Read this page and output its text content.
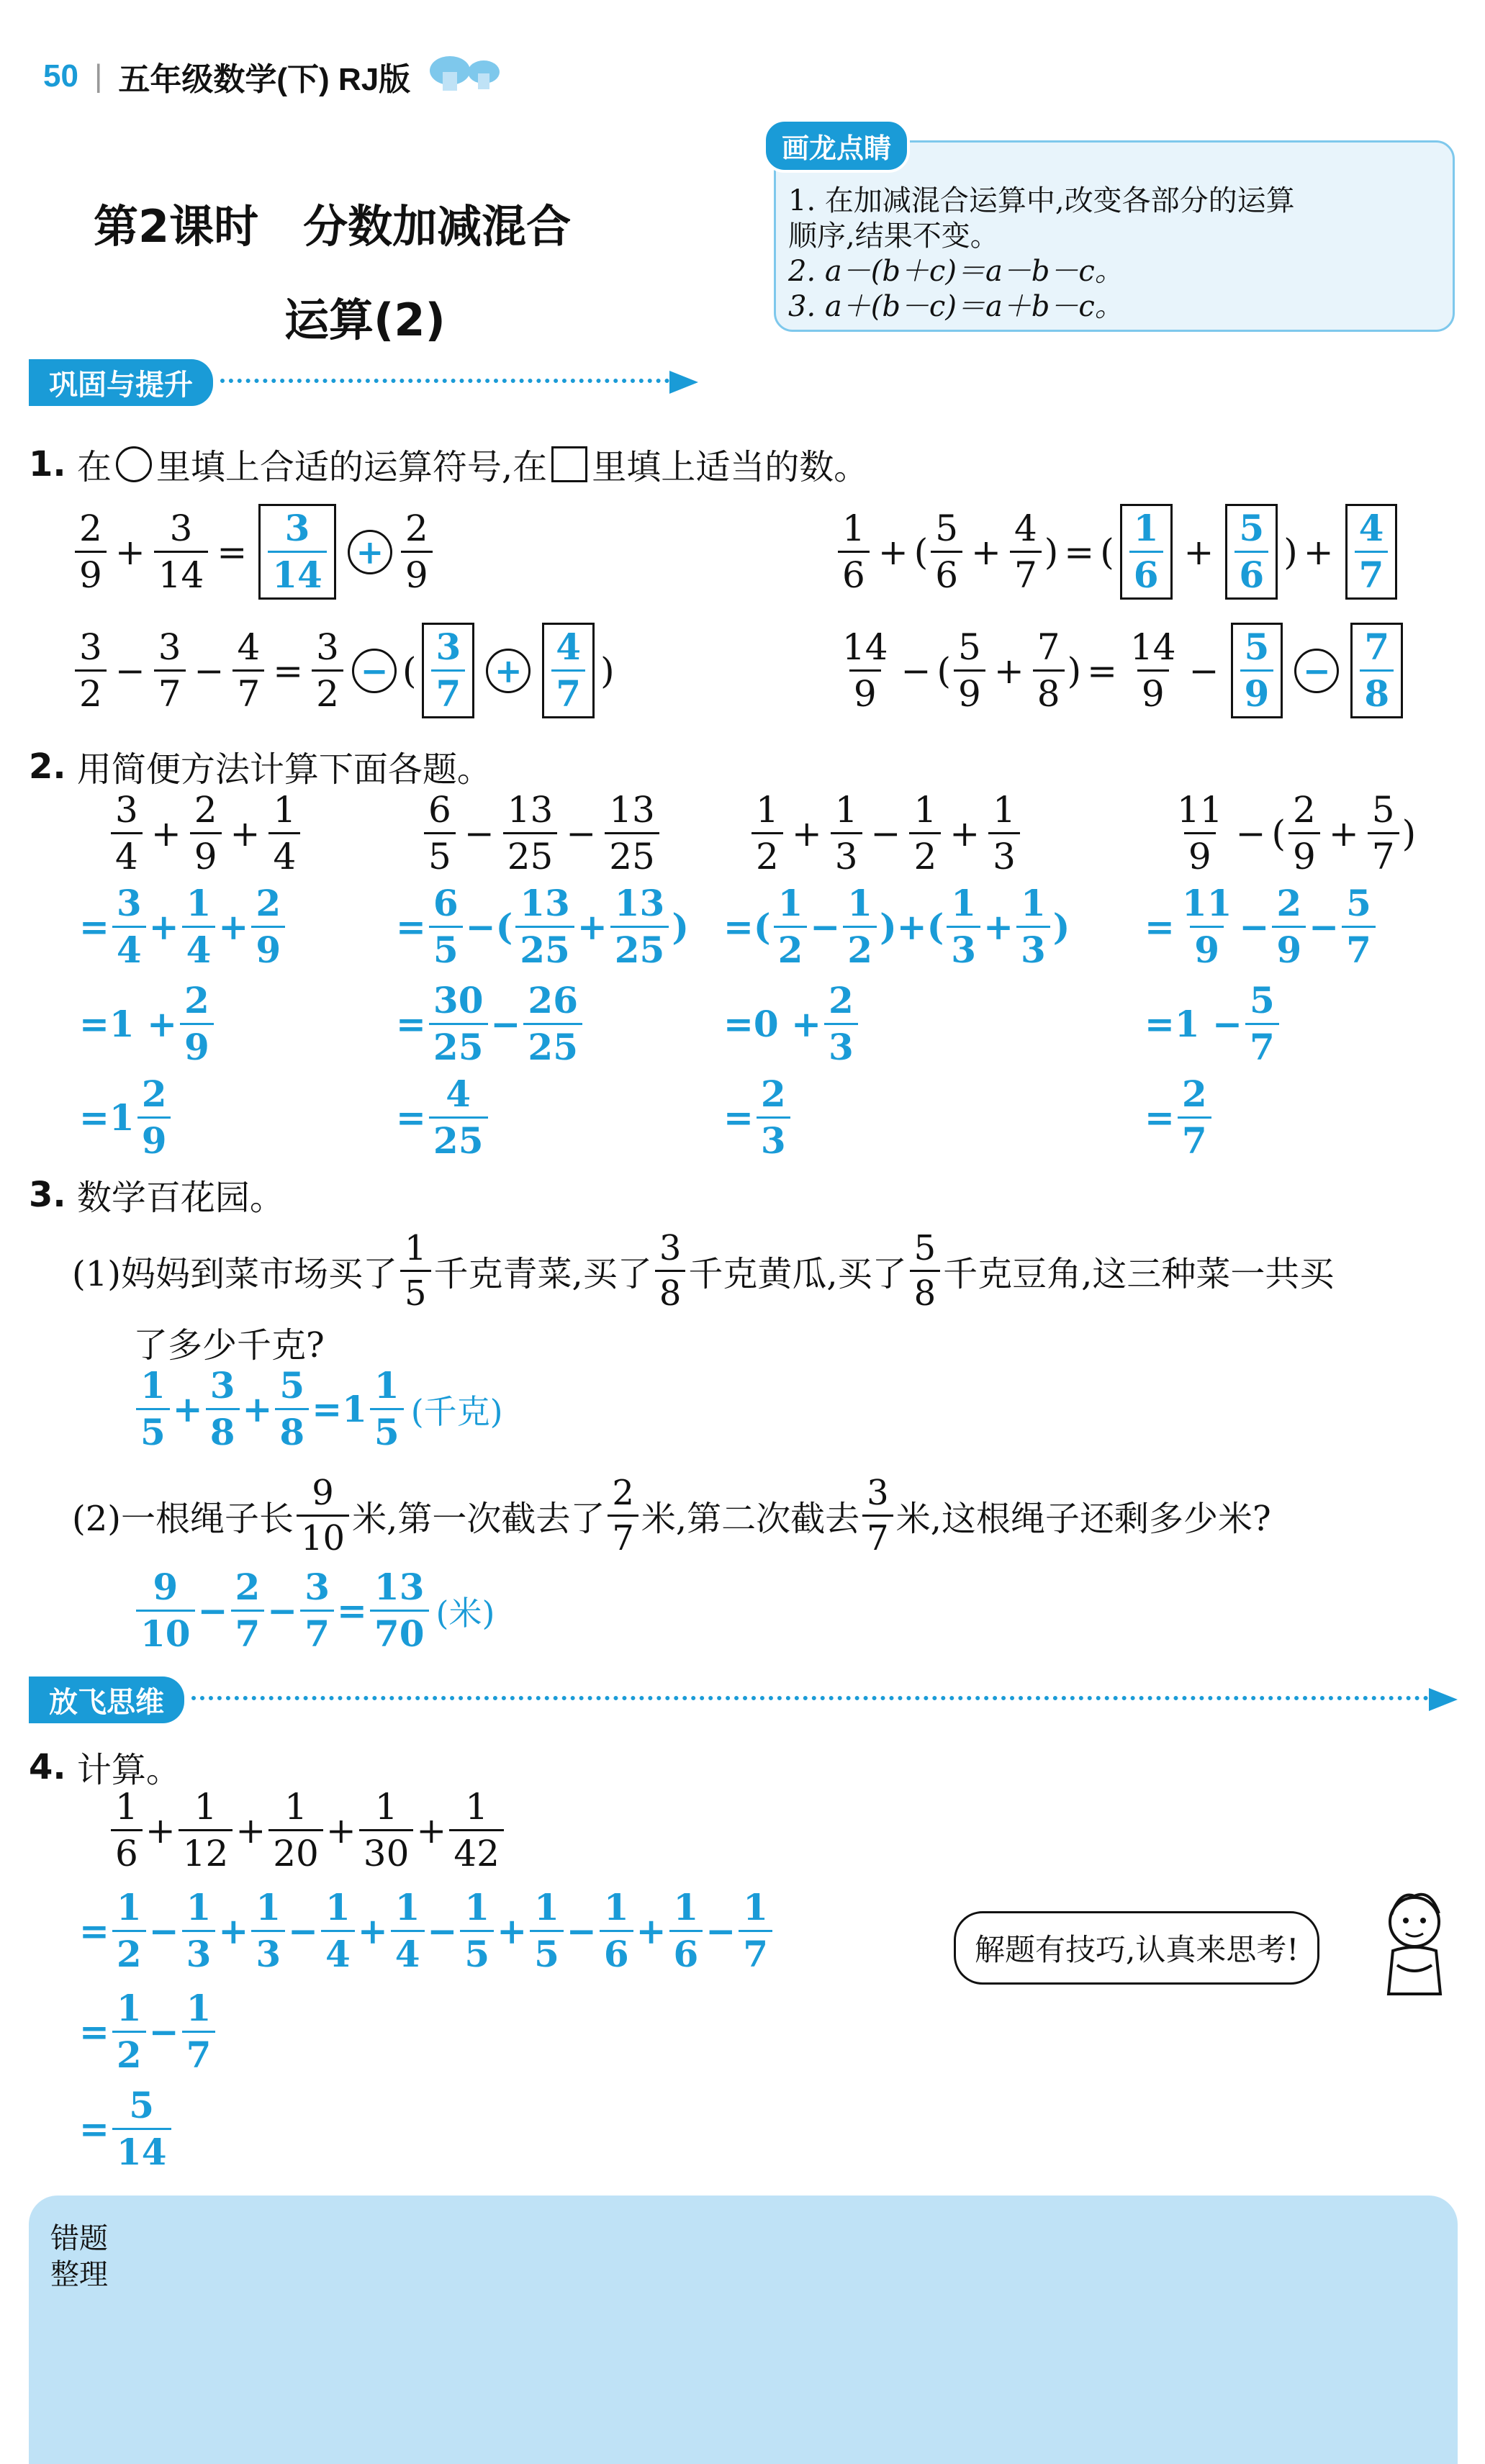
50 | 五年级数学(下) RJ版
第2课时　分数加减混合
运算(2)
画龙点睛
1. 在加减混合运算中,改变各部分的运算
顺序,结果不变。
2. a－(b＋c)＝a－b－c。
3. a＋(b－c)＝a＋b－c。
巩固与提升
1.
在 里填上合适的运算符号,在 里填上适当的数。
$\frac{2}{9} + \frac{3}{14} = \frac{3}{14} + \frac{2}{9}$	$\frac{1}{6}$ + ( $\frac{5}{6} + \frac{4}{7}$ ) = ( $\frac{1}{6} + \frac{5}{6}$ ) + $\frac{4}{7}$
$\frac{3}{2} - \frac{3}{7} - \frac{4}{7} = \frac{3}{2}$ − ( $\frac{3}{7} + \frac{4}{7}$ )	$\frac{14}{9}$ − ( $\frac{5}{9} + \frac{7}{8}$ ) = $\frac{14}{9} - \frac{5}{9} - \frac{7}{8}$
2.
用简便方法计算下面各题。
$\frac{3}{4} + \frac{2}{9} + \frac{1}{4}$
= $\frac{3}{4} + \frac{1}{4} + \frac{2}{9}$
$=1 + \frac{2}{9}$
$=1 \frac{2}{9}$
$\frac{6}{5} - \frac{13}{25} - \frac{13}{25}$
= $\frac{6}{5}$ −( $\frac{13}{25} + \frac{13}{25}$ )
= $\frac{30}{25} - \frac{26}{25}$
= $\frac{4}{25}$
$\frac{1}{2} + \frac{1}{3} - \frac{1}{2} + \frac{1}{3}$
=( $\frac{1}{2} - \frac{1}{2}$ )+( $\frac{1}{3} + \frac{1}{3}$ )
$=0 + \frac{2}{3}$
= $\frac{2}{3}$
$\frac{11}{9}$ − ( $\frac{2}{9} + \frac{5}{7}$ )
= $\frac{11}{9} - \frac{2}{9} - \frac{5}{7}$
$=1 - \frac{5}{7}$
= $\frac{2}{7}$
3.
数学百花园。
(1)妈妈到菜市场买了 $\frac{1}{5}$ 千克青菜,买了 $\frac{3}{8}$ 千克黄瓜,买了 $\frac{5}{8}$ 千克豆角,这三种菜一共买
了多少千克?
$\frac{1}{5} + \frac{3}{8} + \frac{5}{8} =1 \frac{1}{5}$ (千克)
(2)一根绳子长 $\frac{9}{10}$ 米,第一次截去了 $\frac{2}{7}$ 米,第二次截去 $\frac{3}{7}$ 米,这根绳子还剩多少米?
$\frac{9}{10} - \frac{2}{7} - \frac{3}{7} = \frac{13}{70}$ (米)
放飞思维
4.
计算。
$\frac{1}{6} + \frac{1}{12} + \frac{1}{20} + \frac{1}{30} + \frac{1}{42}$
= $\frac{1}{2} - \frac{1}{3} + \frac{1}{3} - \frac{1}{4} + \frac{1}{4} - \frac{1}{5} + \frac{1}{5} - \frac{1}{6} + \frac{1}{6} - \frac{1}{7}$
= $\frac{1}{2} - \frac{1}{7}$
= $\frac{5}{14}$
解题有技巧,认真来思考!
错题
整理
